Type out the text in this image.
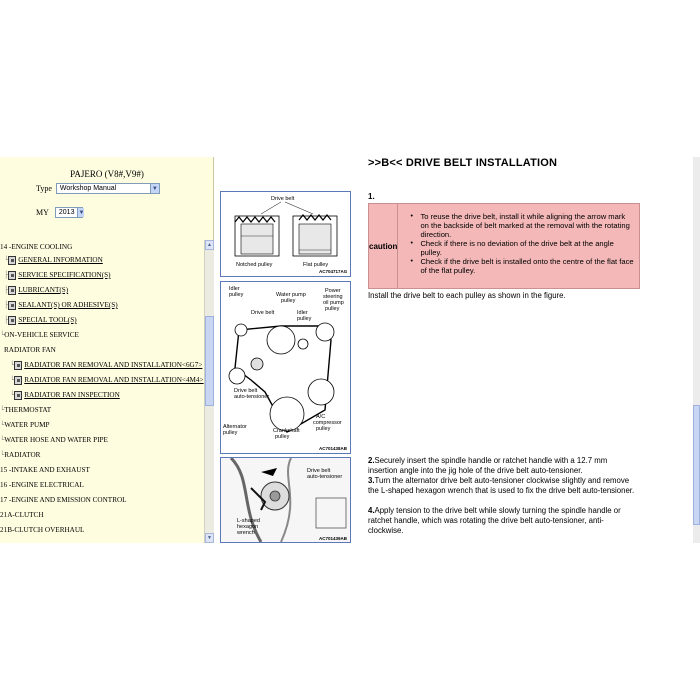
PAJERO (V8#,V9#)
Type	Workshop Manual	▼
MY	2013 ▼
14 -ENGINE COOLING
└ GENERAL INFORMATION
├ SERVICE SPECIFICATION(S)
├ LUBRICANT(S)
├ SEALANT(S) OR ADHESIVE(S)
├ SPECIAL TOOL(S)
└ ON-VEHICLE SERVICE
RADIATOR FAN
└ RADIATOR FAN REMOVAL AND INSTALLATION<6G7>
└ RADIATOR FAN REMOVAL AND INSTALLATION<4M4>
└ RADIATOR FAN INSPECTION
└ THERMOSTAT
└ WATER PUMP
└ WATER HOSE AND WATER PIPE
└ RADIATOR
15 -INTAKE AND EXHAUST
16 -ENGINE ELECTRICAL
17 -ENGINE AND EMISSION CONTROL
21A-CLUTCH
21B-CLUTCH OVERHAUL
▲
▼
>>B<< DRIVE BELT INSTALLATION
Drive belt
Notched pulley	Flat pulley
AC704717AG
Idler
pulley	Water pump
pulley
Power
steering
oil pump
pulley
Drive belt	Idler
pulley
Drive belt
auto-tensioner
Alternator
pulley	Crankshaft
pulley
A/C
compressor
pulley
AC701438AB
Drive belt
auto-tensioner
L-shaped
hexagon
wrench
AC701439AB
1.
caution
• To reuse the drive belt, install it while aligning the arrow mark on the backside of belt marked at the removal with the rotating direction.
• Check if there is no deviation of the drive belt at the angle pulley.
• Check if the drive belt is installed onto the centre of the flat face of the flat pulley.
Install the drive belt to each pulley as shown in the figure.
2.Securely insert the spindle handle or ratchet handle with a 12.7 mm insertion angle into the jig hole of the drive belt auto-tensioner.
3.Turn the alternator drive belt auto-tensioner clockwise slightly and remove the L-shaped hexagon wrench that is used to fix the drive belt auto-tensioner.
4.Apply tension to the drive belt while slowly turning the spindle handle or ratchet handle, which was rotating the drive belt auto-tensioner, anti-clockwise.
